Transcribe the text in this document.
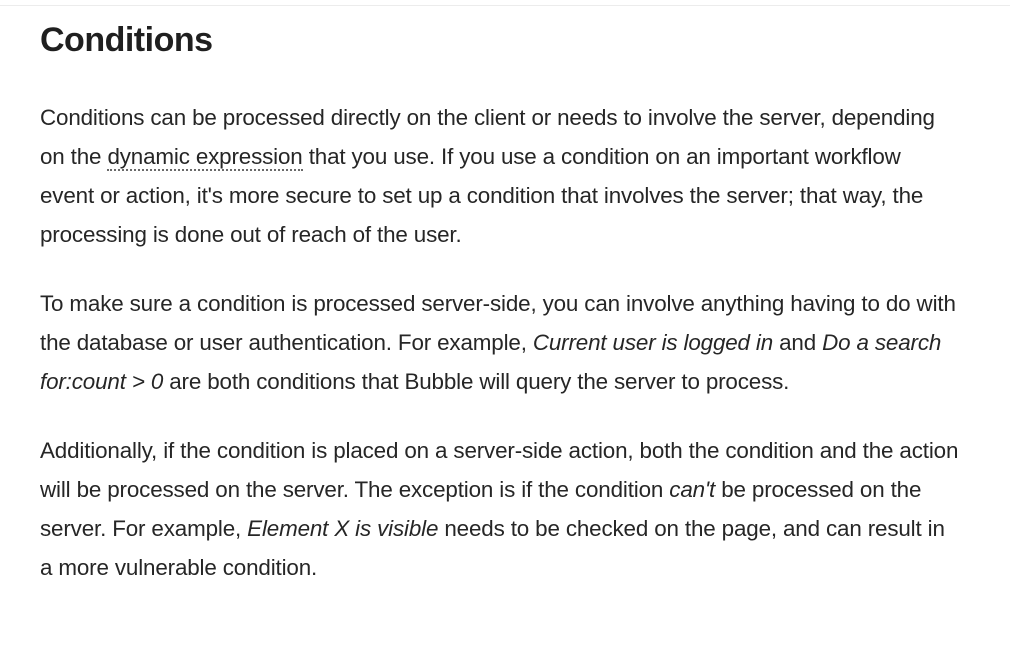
Conditions

Conditions can be processed directly on the client or needs to involve the server, depending on the dynamic expression that you use. If you use a condition on an important workflow event or action, it's more secure to set up a condition that involves the server; that way, the processing is done out of reach of the user.

To make sure a condition is processed server-side, you can involve anything having to do with the database or user authentication. For example, Current user is logged in and Do a search for:count > 0 are both conditions that Bubble will query the server to process.

Additionally, if the condition is placed on a server-side action, both the condition and the action will be processed on the server. The exception is if the condition can't be processed on the server. For example, Element X is visible needs to be checked on the page, and can result in a more vulnerable condition.
